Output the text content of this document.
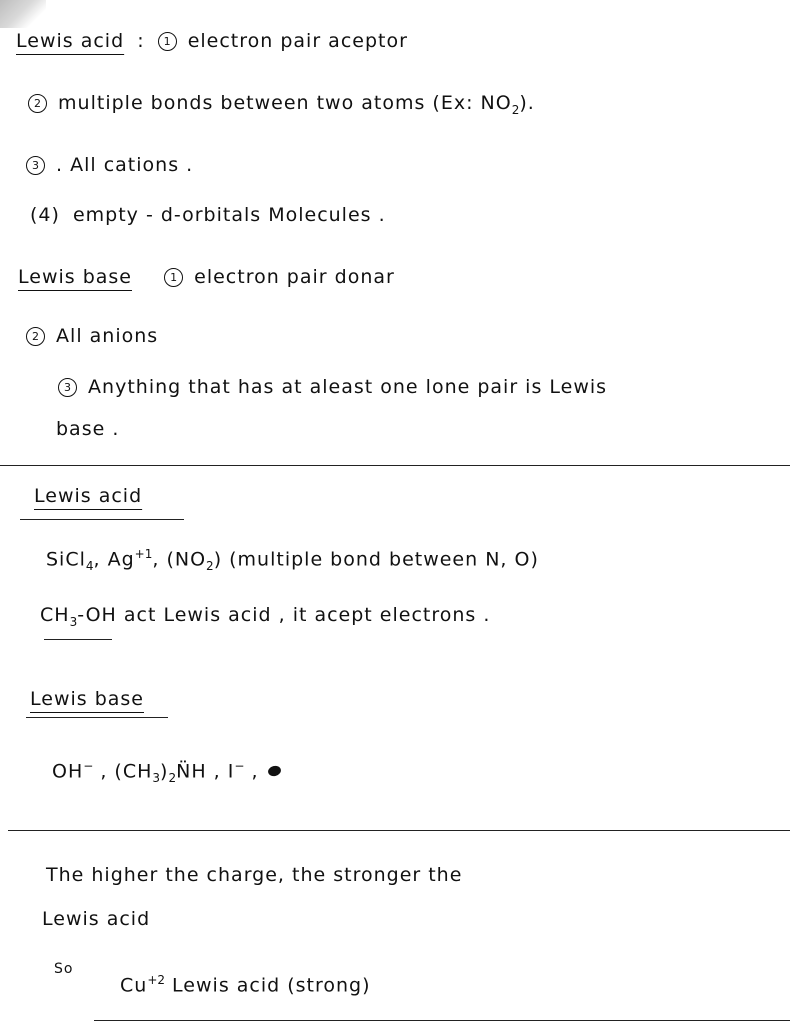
Lewis acid : 1 electron pair aceptor
2 multiple bonds between two atoms (Ex: $NO_2$).
3 . All cations .
(4) empty - d-orbitals Molecules .
Lewis base	1 electron pair donar
2 All anions
3 Anything that has at aleast one lone pair is Lewis
base .
Lewis acid
SiCl$_4$, $Ag^{+1}$, $(NO_2)$ (multiple bond between N, O)
$CH_3-OH$ act Lewis acid , it acept electrons .
Lewis base
OH− , $(CH_3)_2N̈H$ , I− ,
The higher the charge, the stronger the
Lewis acid
So
$Cu^{+2}$ Lewis acid (strong)
